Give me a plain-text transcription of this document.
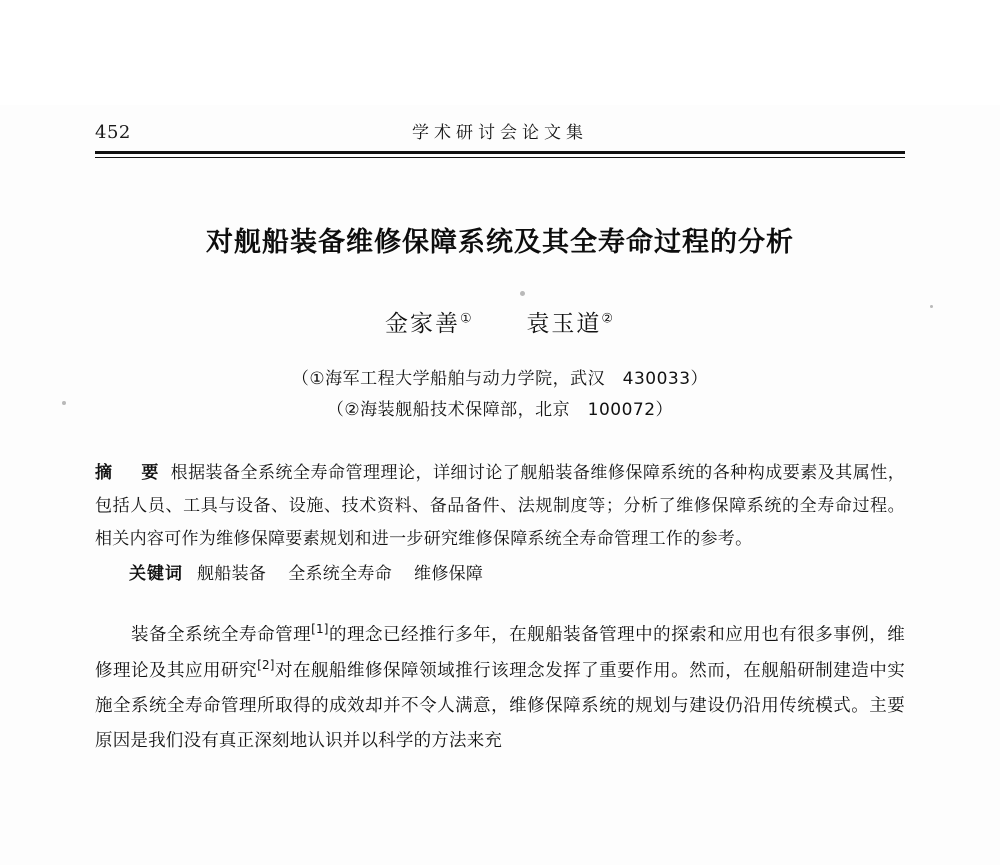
452	学术研讨会论文集
对舰船装备维修保障系统及其全寿命过程的分析
金家善① 袁玉道②
（①海军工程大学船舶与动力学院，武汉　430033）
（②海装舰船技术保障部，北京　100072）
摘　要 根据装备全系统全寿命管理理论，详细讨论了舰船装备维修保障系统的各种构成要素及其属性，包括人员、工具与设备、设施、技术资料、备品备件、法规制度等；分析了维修保障系统的全寿命过程。相关内容可作为维修保障要素规划和进一步研究维修保障系统全寿命管理工作的参考。
关键词 舰船装备 全系统全寿命 维修保障

装备全系统全寿命管理[1]的理念已经推行多年，在舰船装备管理中的探索和应用也有很多事例，维修理论及其应用研究[2]对在舰船维修保障领域推行该理念发挥了重要作用。然而，在舰船研制建造中实施全系统全寿命管理所取得的成效却并不令人满意，维修保障系统的规划与建设仍沿用传统模式。主要原因是我们没有真正深刻地认识并以科学的方法来充
